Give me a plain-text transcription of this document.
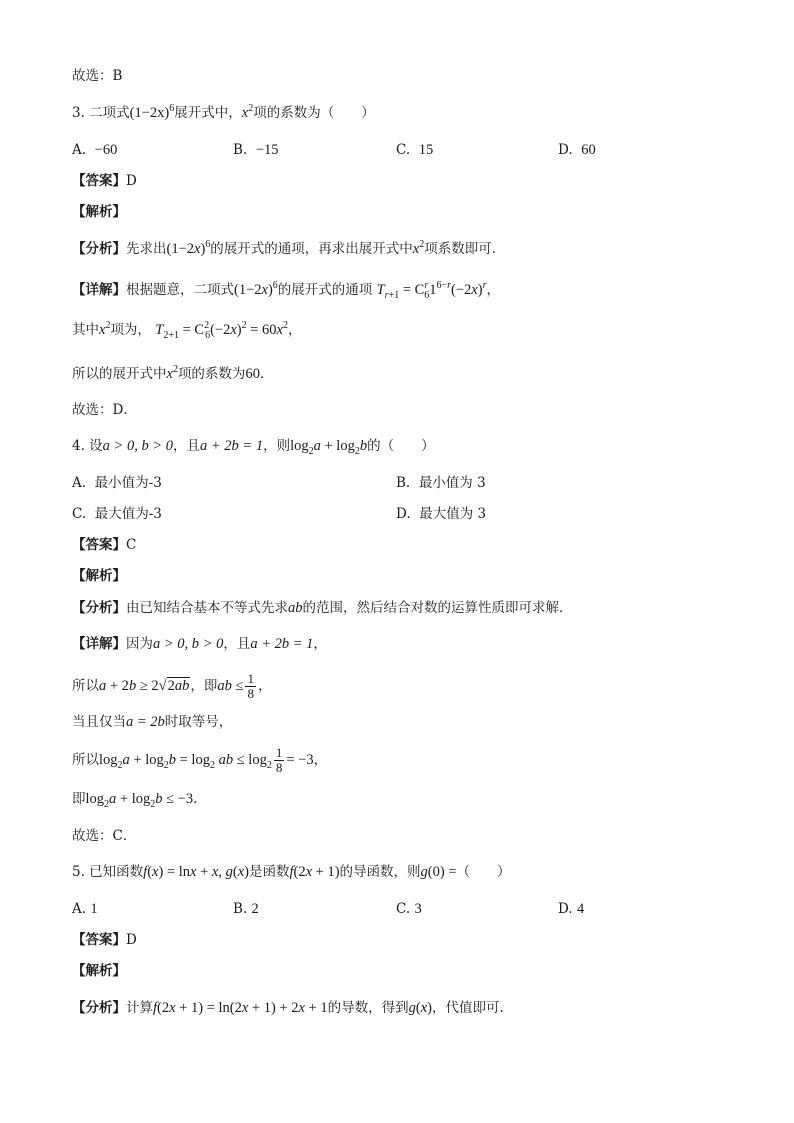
故选：B
3. 二项式$(1-2x)^6$展开式中，$x^2$项的系数为（　　）
A. −60	B. −15	C. 15	D. 60
【答案】D
【解析】
【分析】先求出$(1-2x)^6$的展开式的通项，再求出展开式中$x^2$项系数即可．
【详解】根据题意，二项式$(1-2x)^6$的展开式的通项 $T_{r+1} = C^r_61^{6-r}(-2x)^r$，
其中$x^2$项为， $T_{2+1} = C^2_6(-2x)^2 = 60x^2$，
所以的展开式中$x^2$项的系数为60．
故选：D．
4. 设a > 0, b > 0，且a + 2b = 1，则$\log_2a + \log_2b$的（　　）
A. 最小值为-3	B. 最小值为 3
C. 最大值为-3	D. 最大值为 3
【答案】C
【解析】
【分析】由已知结合基本不等式先求ab的范围，然后结合对数的运算性质即可求解．
【详解】因为a > 0, b > 0，且a + 2b = 1，
所以a + 2b ≥ 2√2ab，即ab ≤ $\frac{1}{8}$ ，
当且仅当a = 2b时取等号，
所以$\log_2a + \log_2b = \log_2$ ab ≤ $\log_2 \frac{1}{8} = -3$，
即$\log_2a + \log_2b \le -3$.
故选：C．
5. 已知函数f(x) = lnx + x, g(x)是函数f(2x + 1)的导函数，则g(0) =（　　）
A. 1	B. 2	C. 3	D. 4
【答案】D
【解析】
【分析】计算f(2x + 1) = ln(2x + 1) + 2x + 1的导数，得到g(x)，代值即可.
